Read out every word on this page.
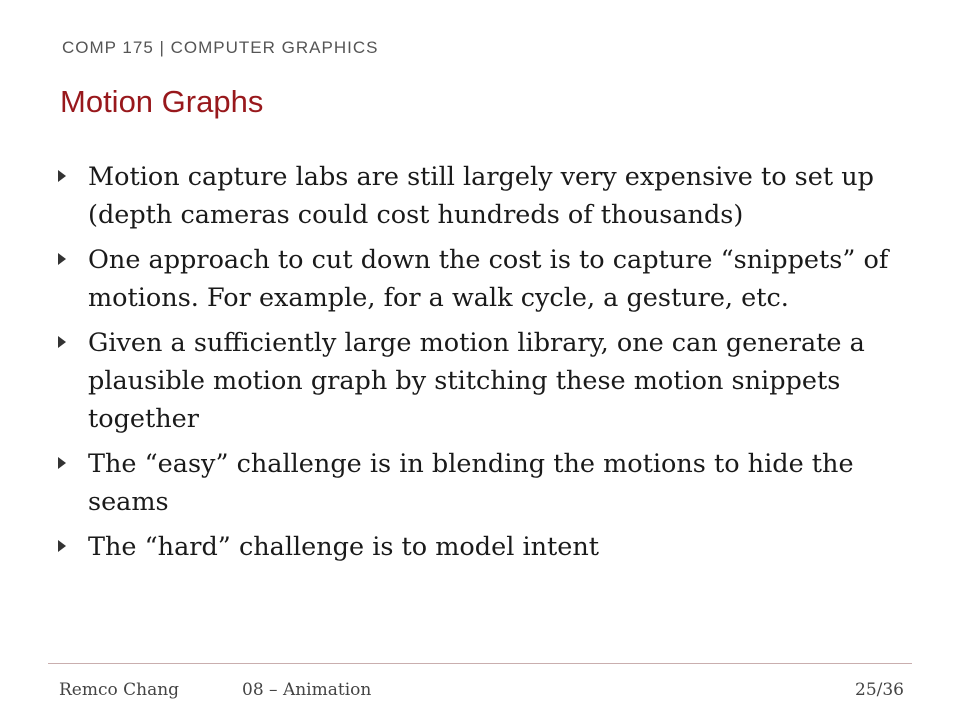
COMP 175 | COMPUTER GRAPHICS
Motion Graphs
Motion capture labs are still largely very expensive to set up (depth cameras could cost hundreds of thousands)
One approach to cut down the cost is to capture “snippets” of motions. For example, for a walk cycle, a gesture, etc.
Given a sufficiently large motion library, one can generate a plausible motion graph by stitching these motion snippets together
The “easy” challenge is in blending the motions to hide the seams
The “hard” challenge is to model intent
Remco Chang	08 – Animation	25/36
